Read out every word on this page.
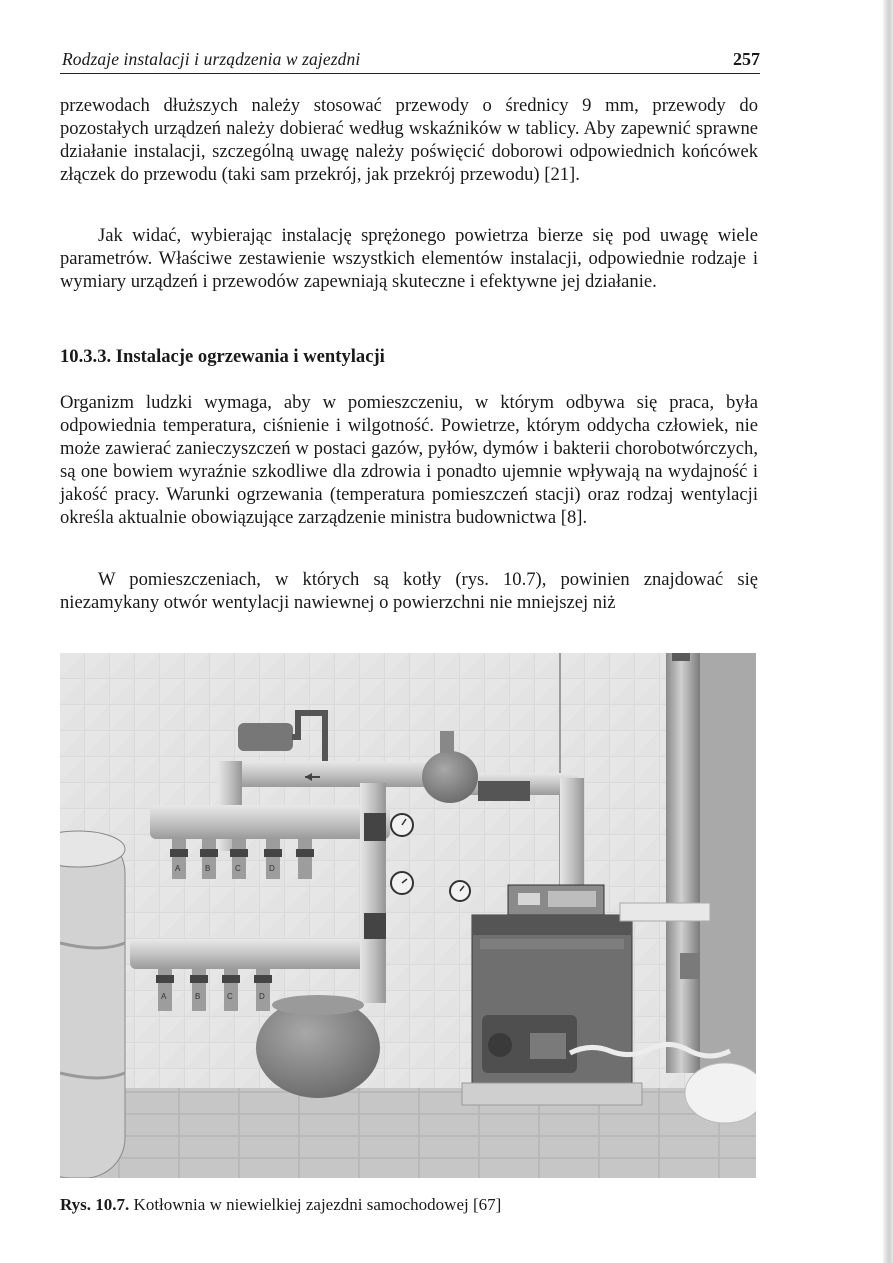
Rodzaje instalacji i urządzenia w zajezdni	257

przewodach dłuższych należy stosować przewody o średnicy 9 mm, przewody do pozostałych urządzeń należy dobierać według wskaźników w tablicy. Aby zapewnić sprawne działanie instalacji, szczególną uwagę należy poświęcić doborowi odpowiednich końcówek złączek do przewodu (taki sam przekrój, jak przekrój przewodu) [21].

Jak widać, wybierając instalację sprężonego powietrza bierze się pod uwagę wiele parametrów. Właściwe zestawienie wszystkich elementów instalacji, odpowiednie rodzaje i wymiary urządzeń i przewodów zapewniają skuteczne i efektywne jej działanie.

10.3.3. Instalacje ogrzewania i wentylacji

Organizm ludzki wymaga, aby w pomieszczeniu, w którym odbywa się praca, była odpowiednia temperatura, ciśnienie i wilgotność. Powietrze, którym oddycha człowiek, nie może zawierać zanieczyszczeń w postaci gazów, pyłów, dymów i bakterii chorobotwórczych, są one bowiem wyraźnie szkodliwe dla zdrowia i ponadto ujemnie wpływają na wydajność i jakość pracy. Warunki ogrzewania (temperatura pomieszczeń stacji) oraz rodzaj wentylacji określa aktualnie obowiązujące zarządzenie ministra budownictwa [8].

W pomieszczeniach, w których są kotły (rys. 10.7), powinien znajdować się niezamykany otwór wentylacji nawiewnej o powierzchni nie mniejszej niż

A	B	C	D
A	B	C	D

Rys. 10.7. Kotłownia w niewielkiej zajezdni samochodowej [67]
